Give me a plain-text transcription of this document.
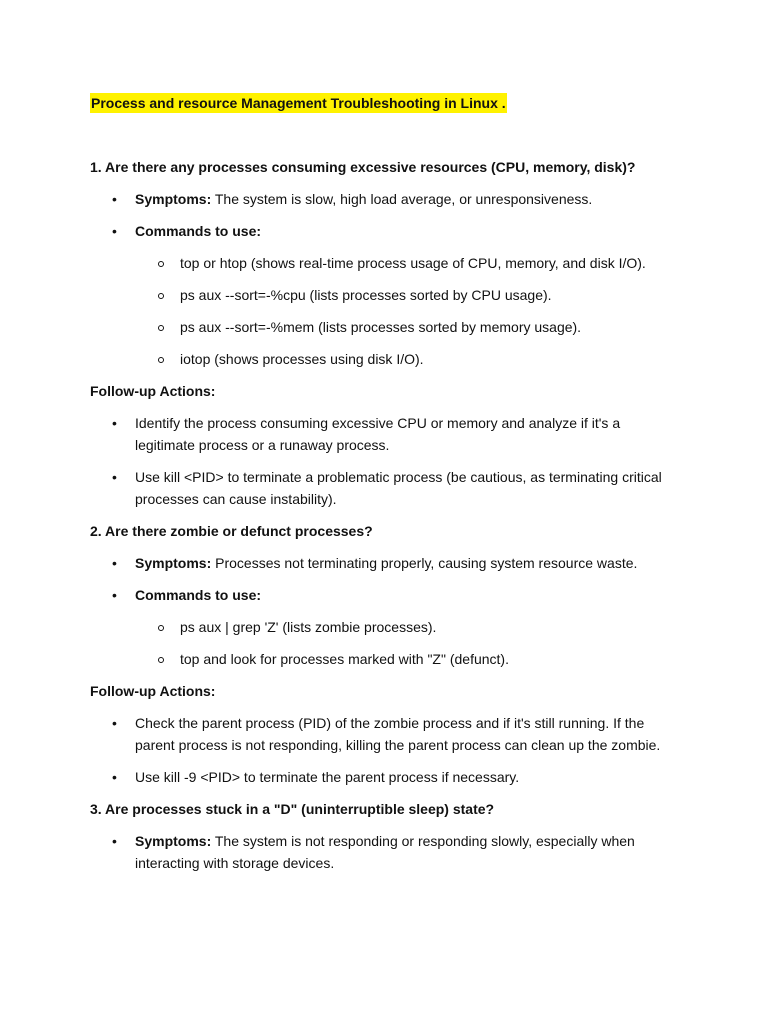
Process and resource Management Troubleshooting in Linux .
1. Are there any processes consuming excessive resources (CPU, memory, disk)?
• Symptoms: The system is slow, high load average, or unresponsiveness.
• Commands to use:
top or htop (shows real-time process usage of CPU, memory, and disk I/O).
ps aux --sort=-%cpu (lists processes sorted by CPU usage).
ps aux --sort=-%mem (lists processes sorted by memory usage).
iotop (shows processes using disk I/O).
Follow-up Actions:
• Identify the process consuming excessive CPU or memory and analyze if it's a legitimate process or a runaway process.
• Use kill <PID> to terminate a problematic process (be cautious, as terminating critical processes can cause instability).
2. Are there zombie or defunct processes?
• Symptoms: Processes not terminating properly, causing system resource waste.
• Commands to use:
ps aux | grep 'Z' (lists zombie processes).
top and look for processes marked with "Z" (defunct).
Follow-up Actions:
• Check the parent process (PID) of the zombie process and if it's still running. If the parent process is not responding, killing the parent process can clean up the zombie.
• Use kill -9 <PID> to terminate the parent process if necessary.
3. Are processes stuck in a "D" (uninterruptible sleep) state?
• Symptoms: The system is not responding or responding slowly, especially when interacting with storage devices.
